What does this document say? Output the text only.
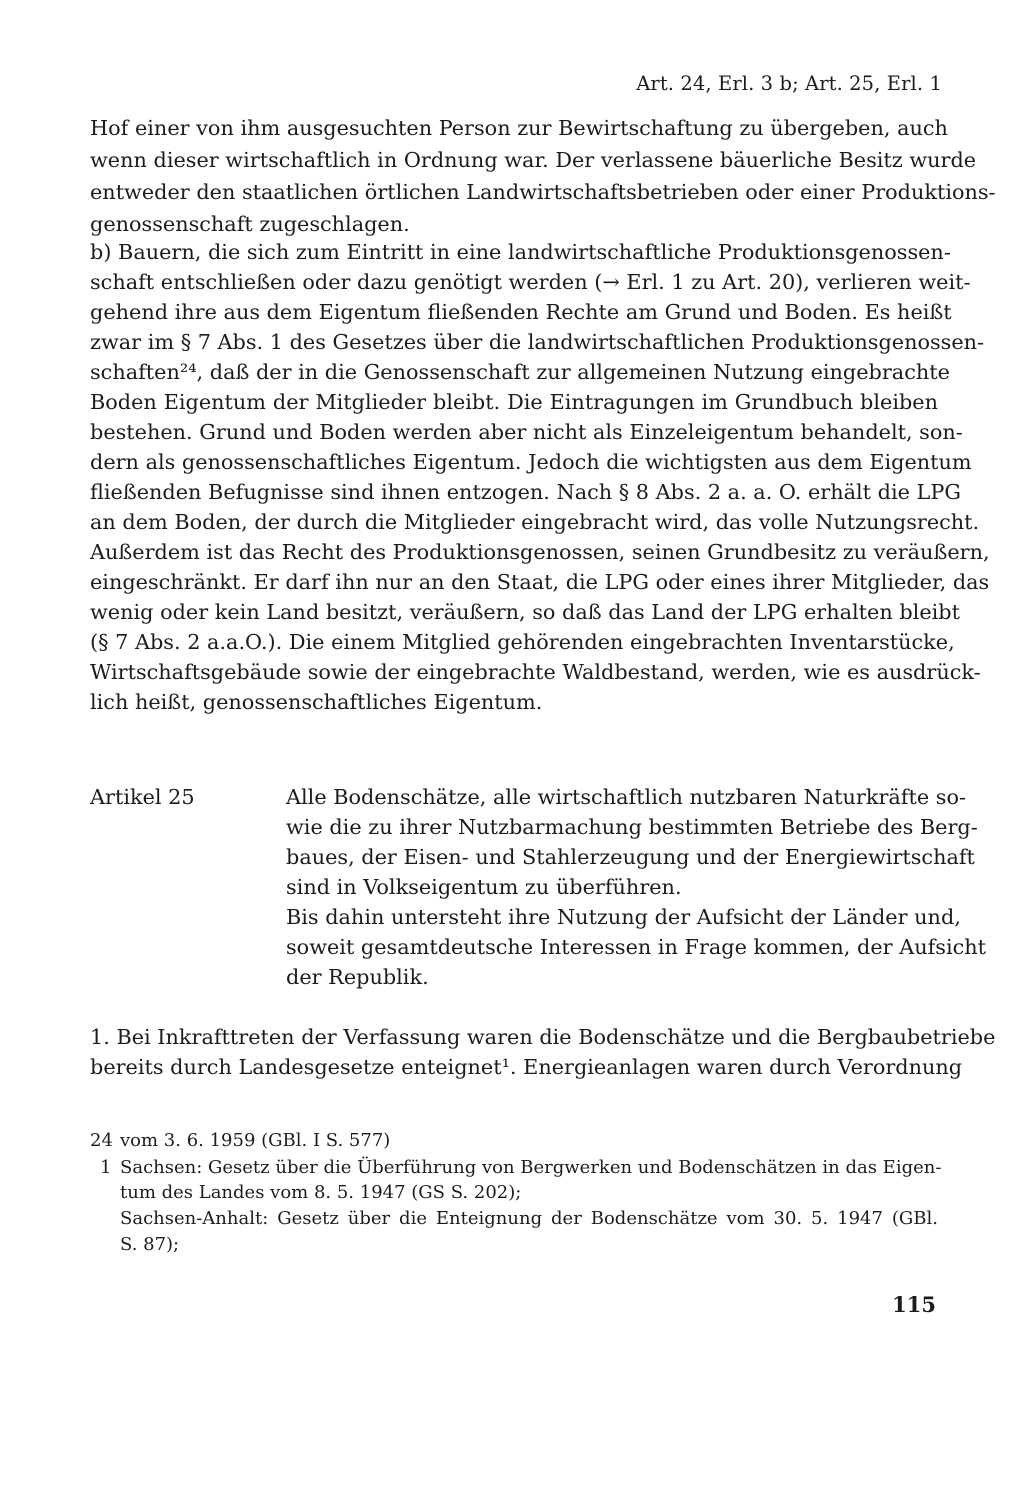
Art. 24, Erl. 3 b; Art. 25, Erl. 1
Hof einer von ihm ausgesuchten Person zur Bewirtschaftung zu übergeben, auch
wenn dieser wirtschaftlich in Ordnung war. Der verlassene bäuerliche Besitz wurde
entweder den staatlichen örtlichen Landwirtschaftsbetrieben oder einer Produktions-
genossenschaft zugeschlagen.
b) Bauern, die sich zum Eintritt in eine landwirtschaftliche Produktionsgenossen-
schaft entschließen oder dazu genötigt werden (→ Erl. 1 zu Art. 20), verlieren weit-
gehend ihre aus dem Eigentum fließenden Rechte am Grund und Boden. Es heißt
zwar im § 7 Abs. 1 des Gesetzes über die landwirtschaftlichen Produktionsgenossen-
schaften²⁴, daß der in die Genossenschaft zur allgemeinen Nutzung eingebrachte
Boden Eigentum der Mitglieder bleibt. Die Eintragungen im Grundbuch bleiben
bestehen. Grund und Boden werden aber nicht als Einzeleigentum behandelt, son-
dern als genossenschaftliches Eigentum. Jedoch die wichtigsten aus dem Eigentum
fließenden Befugnisse sind ihnen entzogen. Nach § 8 Abs. 2 a. a. O. erhält die LPG
an dem Boden, der durch die Mitglieder eingebracht wird, das volle Nutzungsrecht.
Außerdem ist das Recht des Produktionsgenossen, seinen Grundbesitz zu veräußern,
eingeschränkt. Er darf ihn nur an den Staat, die LPG oder eines ihrer Mitglieder, das
wenig oder kein Land besitzt, veräußern, so daß das Land der LPG erhalten bleibt
(§ 7 Abs. 2 a.a.O.). Die einem Mitglied gehörenden eingebrachten Inventarstücke,
Wirtschaftsgebäude sowie der eingebrachte Waldbestand, werden, wie es ausdrück-
lich heißt, genossenschaftliches Eigentum.
Artikel 25	Alle Bodenschätze, alle wirtschaftlich nutzbaren Naturkräfte so-
wie die zu ihrer Nutzbarmachung bestimmten Betriebe des Berg-
baues, der Eisen- und Stahlerzeugung und der Energiewirtschaft
sind in Volkseigentum zu überführen.
Bis dahin untersteht ihre Nutzung der Aufsicht der Länder und,
soweit gesamtdeutsche Interessen in Frage kommen, der Aufsicht
der Republik.
1. Bei Inkrafttreten der Verfassung waren die Bodenschätze und die Bergbaubetriebe
bereits durch Landesgesetze enteignet¹. Energieanlagen waren durch Verordnung
24 vom 3. 6. 1959 (GBl. I S. 577)
1 Sachsen: Gesetz über die Überführung von Bergwerken und Bodenschätzen in das Eigen-
tum des Landes vom 8. 5. 1947 (GS S. 202);
Sachsen-Anhalt: Gesetz über die Enteignung der Bodenschätze vom 30. 5. 1947 (GBl.
S. 87);
115
